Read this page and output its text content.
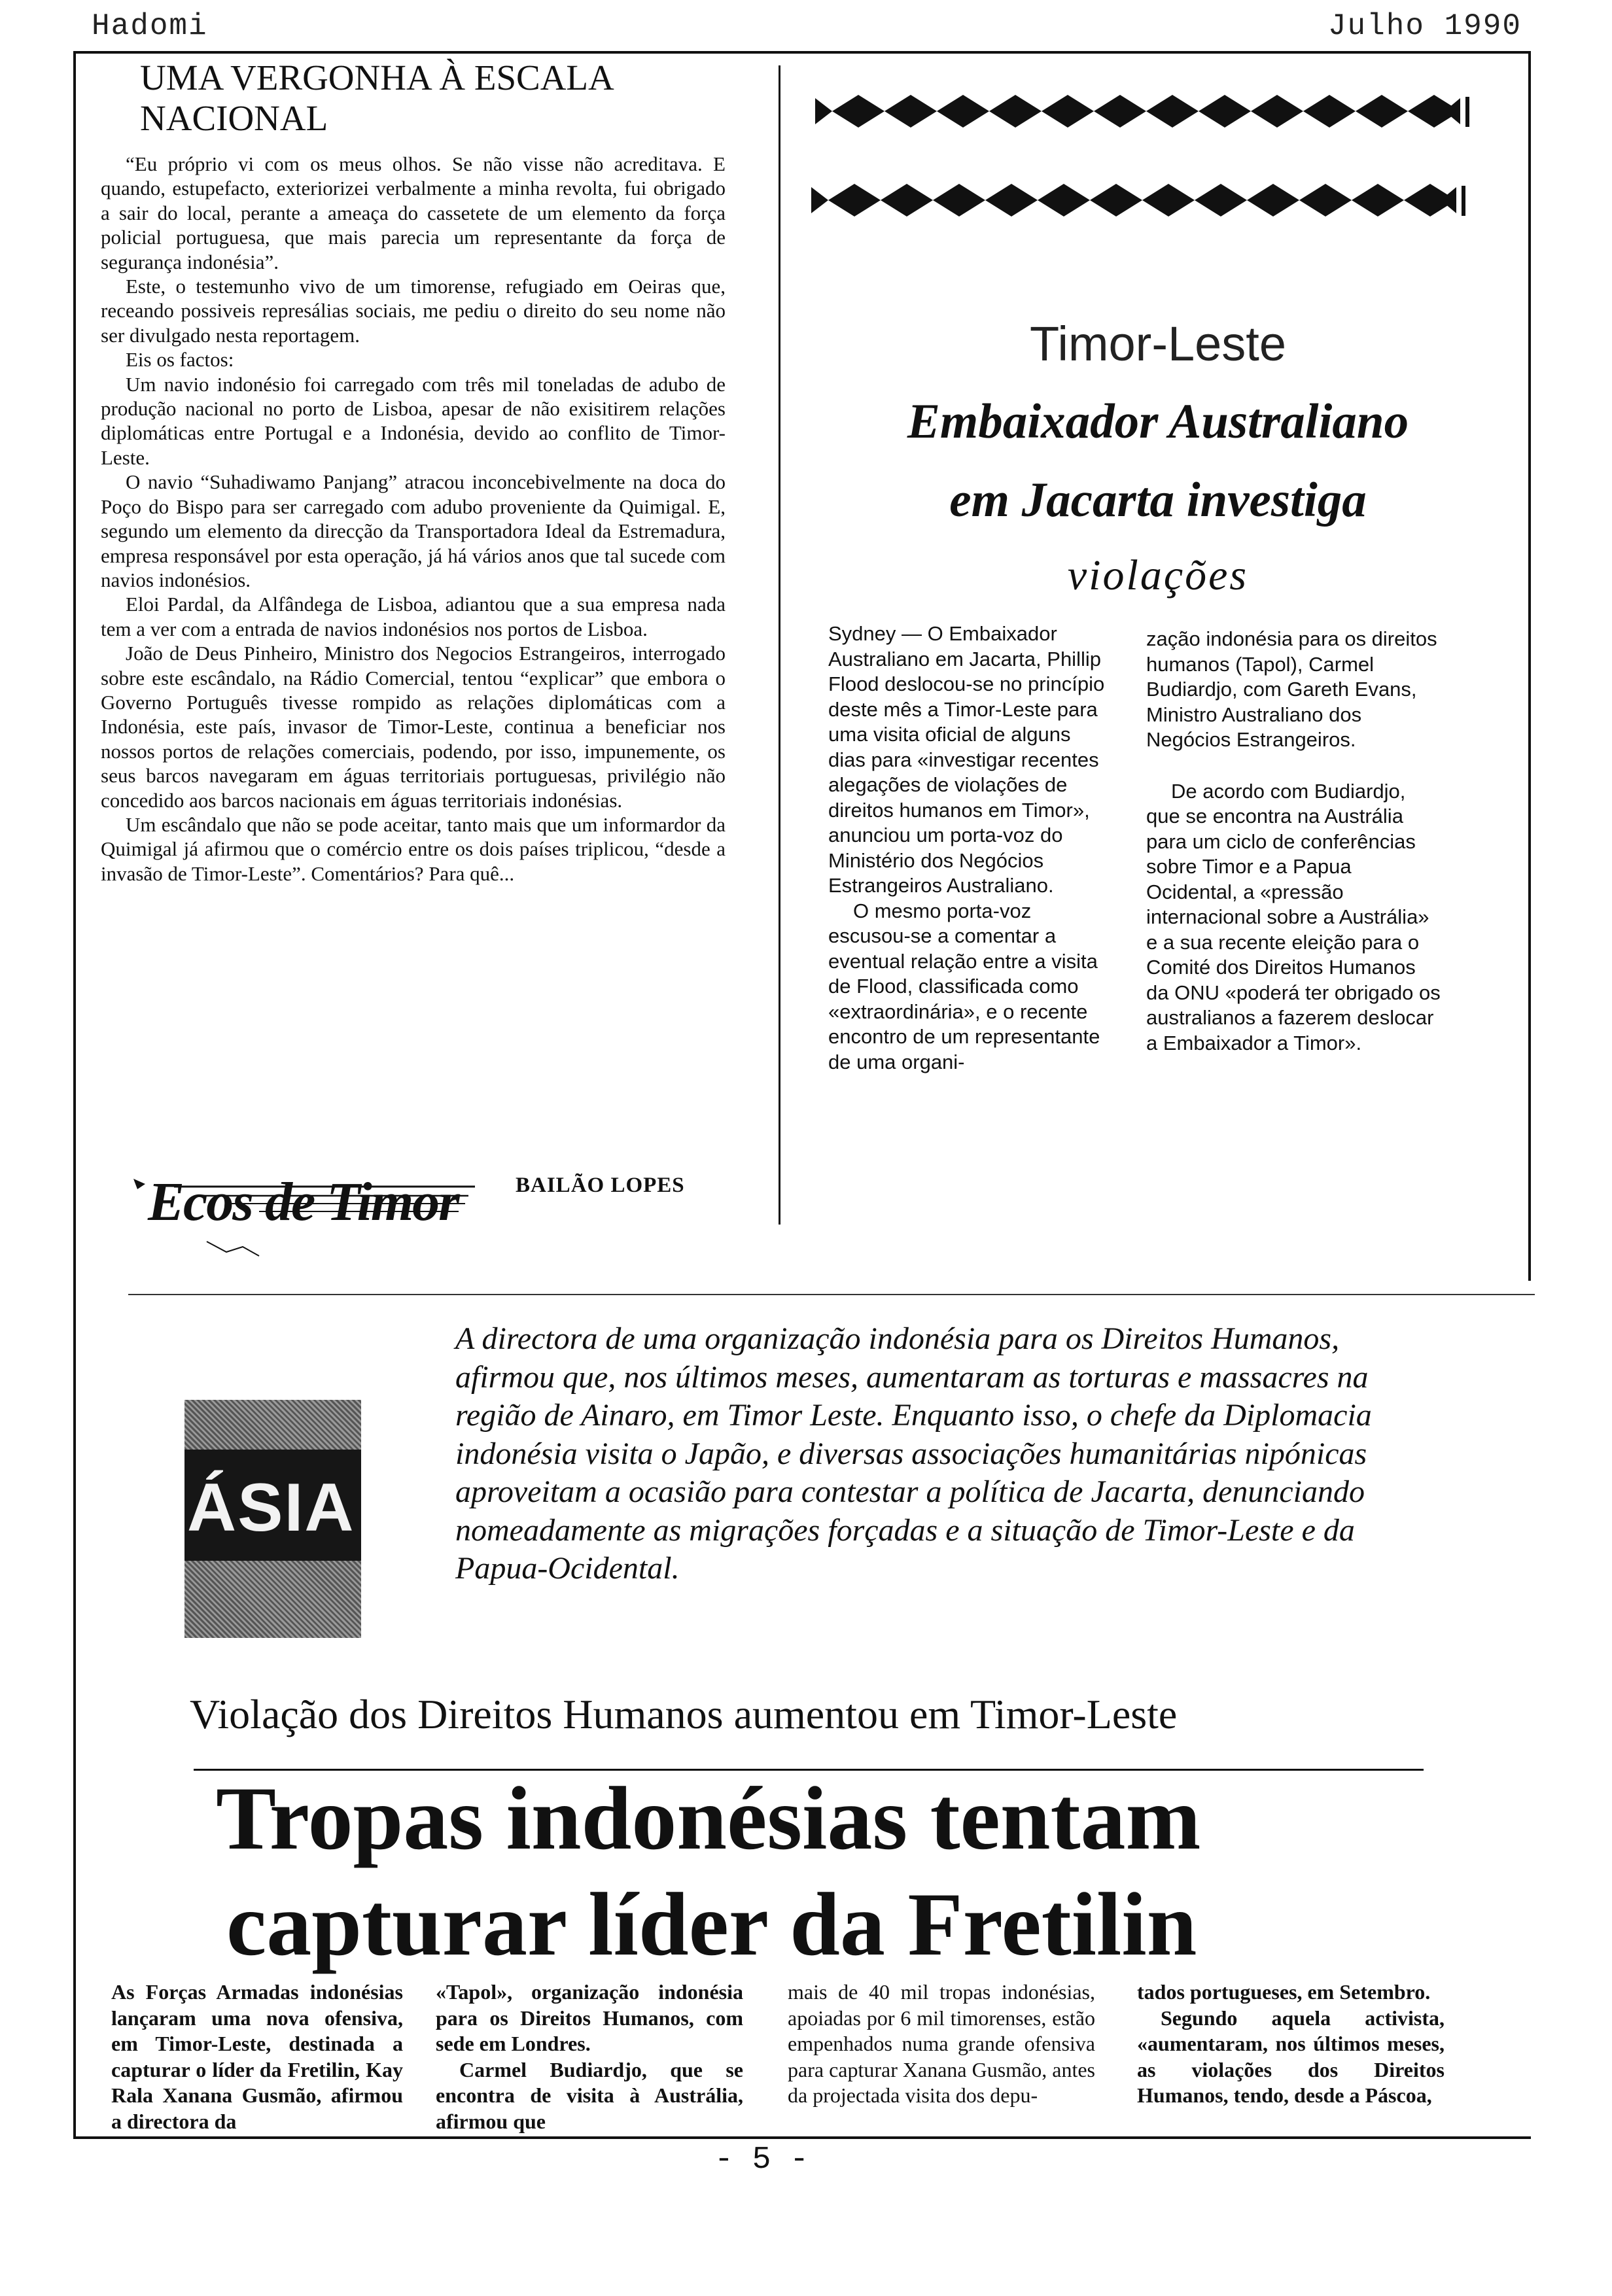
Hadomi	Julho 1990
UMA VERGONHA À ESCALA NACIONAL

“Eu próprio vi com os meus olhos. Se não visse não acreditava. E quando, estupefacto, exteriorizei verbalmente a minha revolta, fui obrigado a sair do local, perante a ameaça do cassetete de um elemento da força policial portuguesa, que mais parecia um representante da força de segurança indonésia”.

Este, o testemunho vivo de um timorense, refugiado em Oeiras que, receando possiveis represálias sociais, me pediu o direito do seu nome não ser divulgado nesta reportagem.

Eis os factos:

Um navio indonésio foi carregado com três mil toneladas de adubo de produção nacional no porto de Lisboa, apesar de não exisitirem relações diplomáticas entre Portugal e a Indonésia, devido ao conflito de Timor-Leste.

O navio “Suhadiwamo Panjang” atracou inconcebivelmente na doca do Poço do Bispo para ser carregado com adubo proveniente da Quimigal. E, segundo um elemento da direcção da Transportadora Ideal da Estremadura, empresa responsável por esta operação, já há vários anos que tal sucede com navios indonésios.

Eloi Pardal, da Alfândega de Lisboa, adiantou que a sua empresa nada tem a ver com a entrada de navios indonésios nos portos de Lisboa.

João de Deus Pinheiro, Ministro dos Negocios Estrangeiros, interrogado sobre este escândalo, na Rádio Comercial, tentou “explicar” que embora o Governo Português tivesse rompido as relações diplomáticas com a Indonésia, este país, invasor de Timor-Leste, continua a beneficiar nos nossos portos de relações comerciais, podendo, por isso, impunemente, os seus barcos navegaram em águas territoriais portuguesas, privilégio não concedido aos barcos nacionais em águas territoriais indonésias.

Um escândalo que não se pode aceitar, tanto mais que um informardor da Quimigal já afirmou que o comércio entre os dois países triplicou, “desde a invasão de Timor-Leste”. Comentários? Para quê...

Ecos de Timor	BAILÃO LOPES
Timor-Leste
Embaixador Australiano
em Jacarta investiga
violações

Sydney — O Embaixador Australiano em Jacarta, Phillip Flood deslocou-se no princípio deste mês a Timor-Leste para uma visita oficial de alguns dias para «investigar recentes alegações de violações de direitos humanos em Timor», anunciou um porta-voz do Ministério dos Negócios Estrangeiros Australiano.

O mesmo porta-voz escusou-se a comentar a eventual relação entre a visita de Flood, classificada como «extraordinária», e o recente encontro de um representante de uma organi-

zação indonésia para os direitos humanos (Tapol), Carmel Budiardjo, com Gareth Evans, Ministro Australiano dos Negócios Estrangeiros.

De acordo com Budiardjo, que se encontra na Austrália para um ciclo de conferências sobre Timor e a Papua Ocidental, a «pressão internacional sobre a Austrália» e a sua recente eleição para o Comité dos Direitos Humanos da ONU «poderá ter obrigado os australianos a fazerem deslocar a Embaixador a Timor».

ÁSIA
A directora de uma organização indonésia para os Direitos Humanos, afirmou que, nos últimos meses, aumentaram as torturas e massacres na região de Ainaro, em Timor Leste. Enquanto isso, o chefe da Diplomacia indonésia visita o Japão, e diversas associações humanitárias nipónicas aproveitam a ocasião para contestar a política de Jacarta, denunciando nomeadamente as migrações forçadas e a situação de Timor-Leste e da Papua-Ocidental.
Violação dos Direitos Humanos aumentou em Timor-Leste
Tropas indonésias tentam
capturar líder da Fretilin

As Forças Armadas indonésias lançaram uma nova ofensiva, em Timor-Leste, destinada a capturar o líder da Fretilin, Kay Rala Xanana Gusmão, afirmou a directora da

«Tapol», organização indonésia para os Direitos Humanos, com sede em Londres.

Carmel Budiardjo, que se encontra de visita à Austrália, afirmou que

mais de 40 mil tropas indonésias, apoiadas por 6 mil timorenses, estão empenhados numa grande ofensiva para capturar Xanana Gusmão, antes da projectada visita dos depu-

tados portugueses, em Setembro.

Segundo aquela activista, «aumentaram, nos últimos meses, as violações dos Direitos Humanos, tendo, desde a Páscoa,

- 5 -
